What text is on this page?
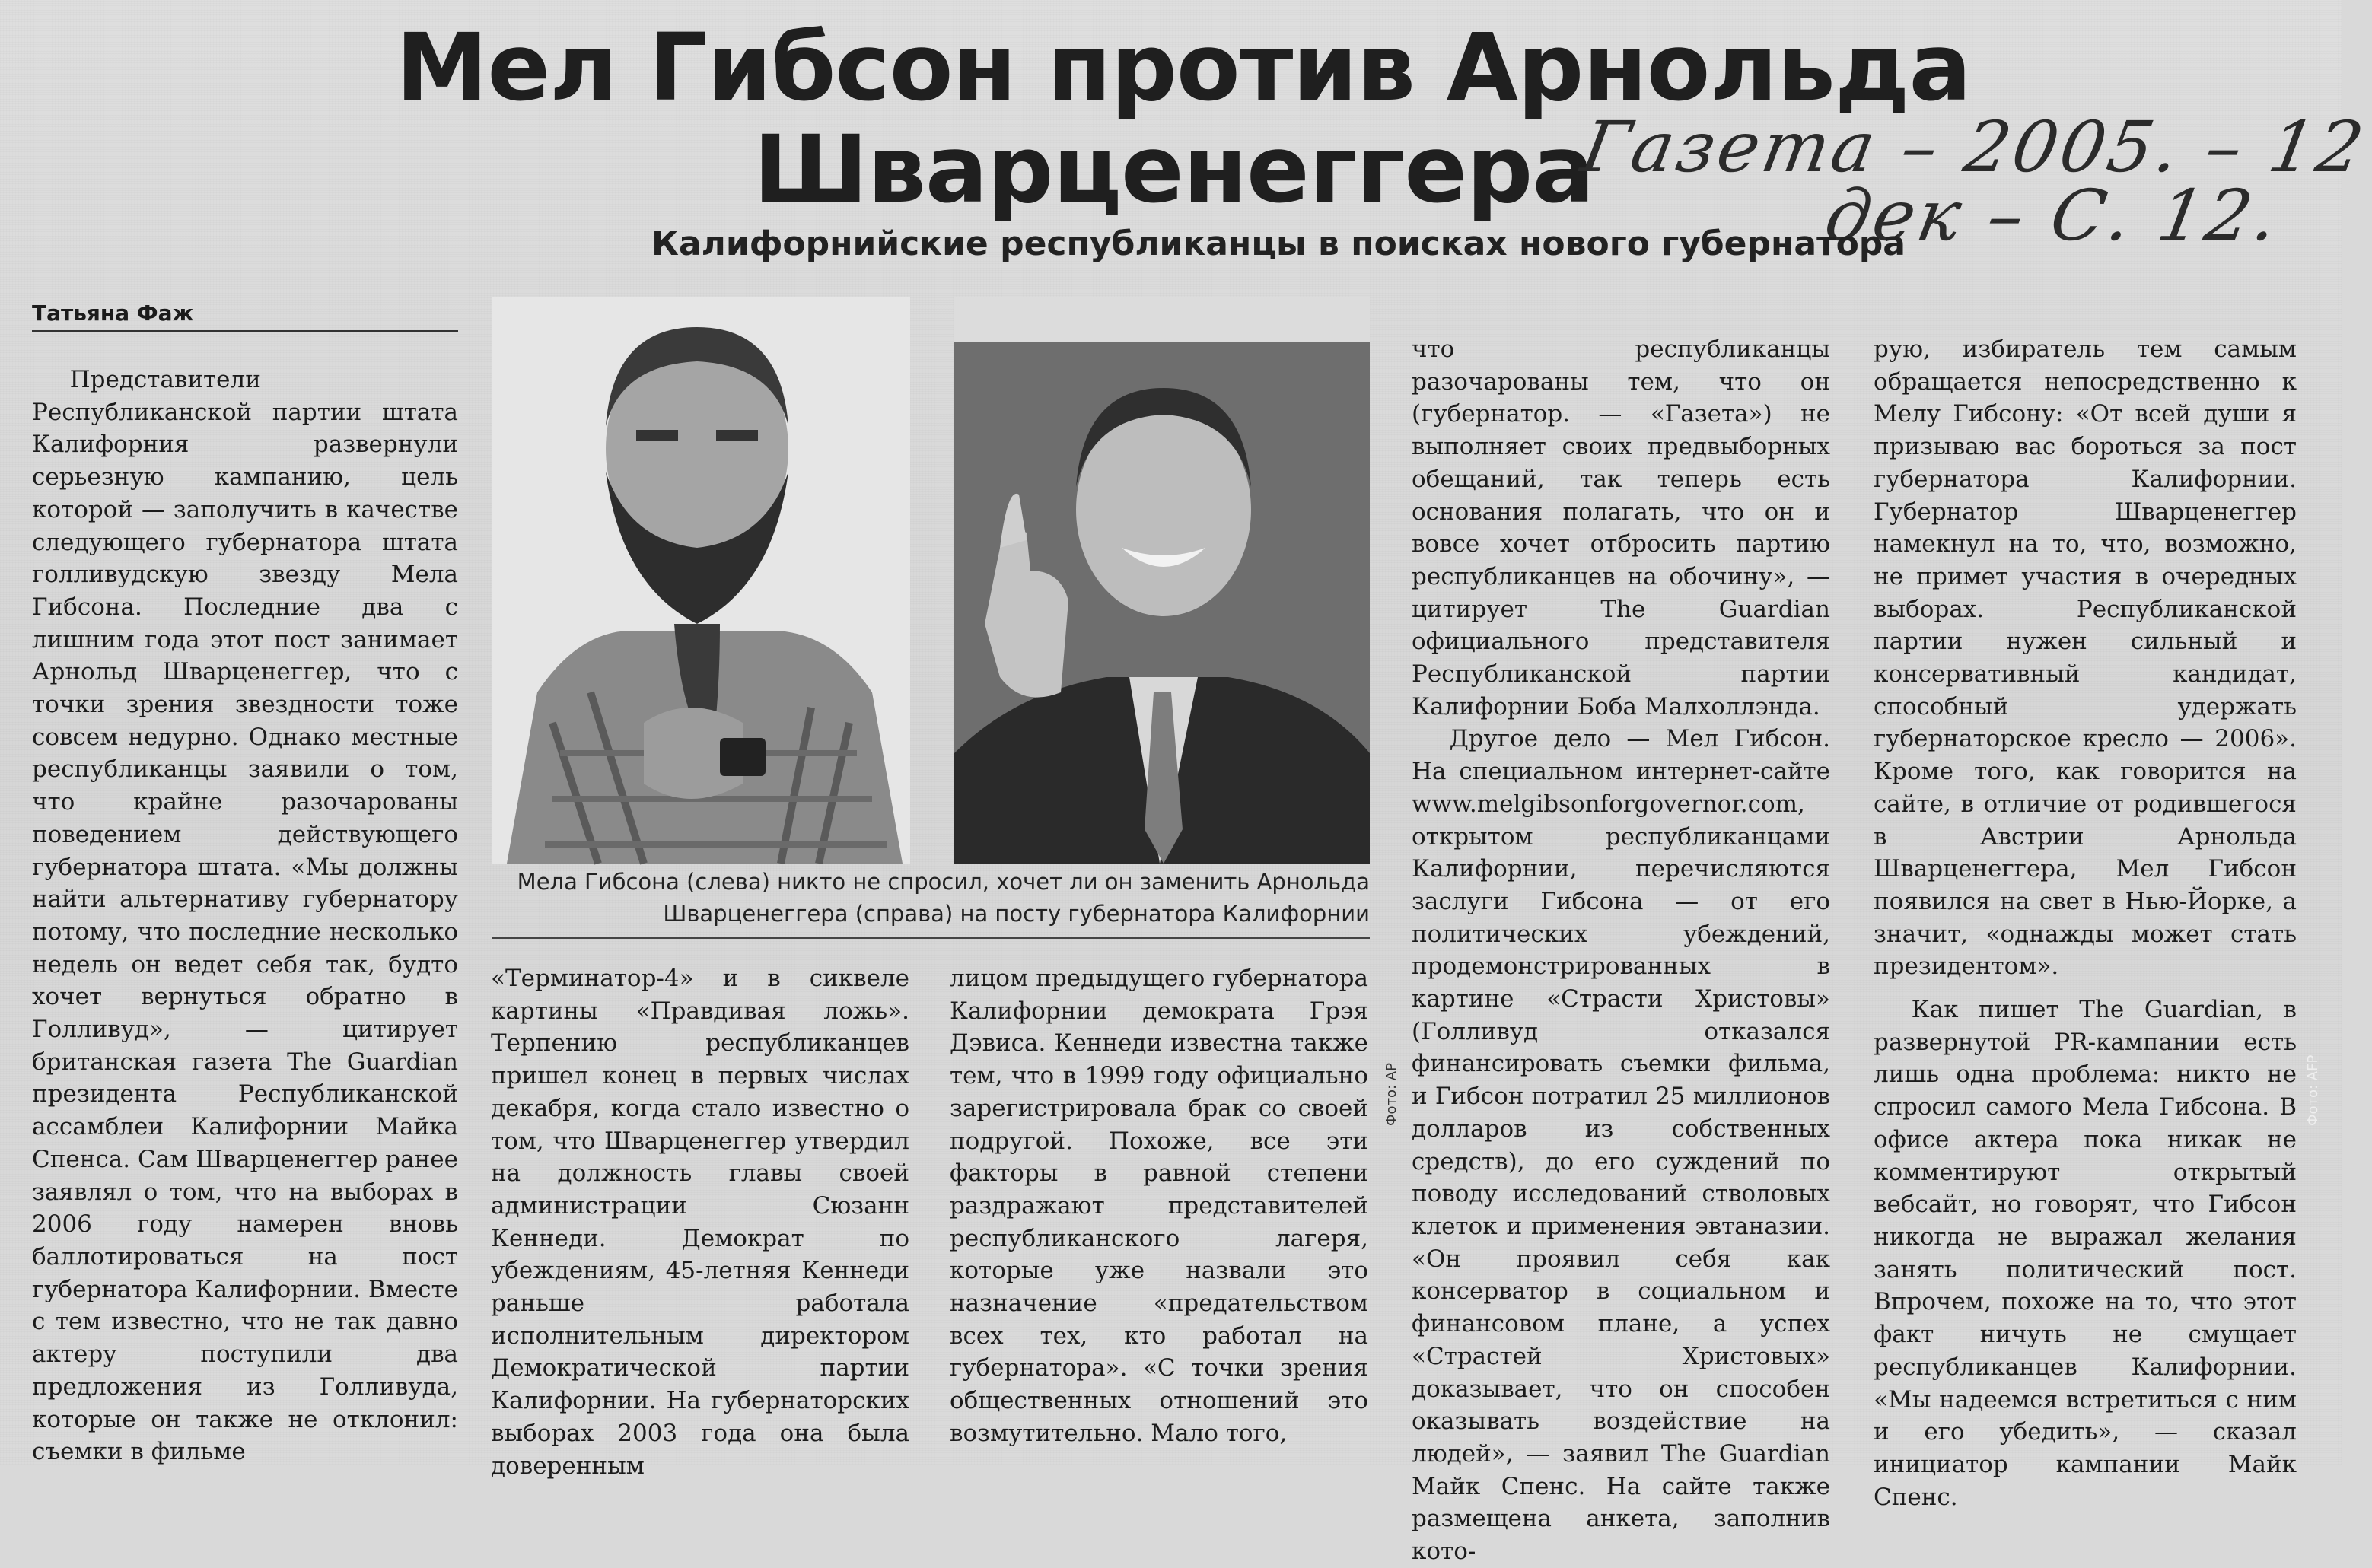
Мел Гибсон против Арнольда
Шварценеггера
Газета – 2005. – 12
дек – С. 12.
Калифорнийские республиканцы в поисках нового губернатора
Татьяна Фаж

Представители Республиканской партии штата Калифорния развернули серьезную кампанию, цель которой — заполучить в качестве следующего губернатора штата голливудскую звезду Мела Гибсона. Последние два с лишним года этот пост занимает Арнольд Шварценеггер, что с точки зрения звездности тоже совсем недурно. Однако местные республиканцы заявили о том, что крайне разочарованы поведением действующего губернатора штата. «Мы должны найти альтернативу губернатору потому, что последние несколько недель он ведет себя так, будто хочет вернуться обратно в Голливуд», — цитирует британская газета The Guardian президента Республиканской ассамблеи Калифорнии Майка Спенса. Сам Шварценеггер ранее заявлял о том, что на выборах в 2006 году намерен вновь баллотироваться на пост губернатора Калифорнии. Вместе с тем известно, что не так давно актеру поступили два предложения из Голливуда, которые он также не отклонил: съемки в фильме

Фото: AP	Фото: AFP
Мела Гибсона (слева) никто не спросил, хочет ли он заменить Арнольда
Шварценеггера (справа) на посту губернатора Калифорнии

«Терминатор-4» и в сиквеле картины «Правдивая ложь». Терпению республиканцев пришел конец в первых числах декабря, когда стало известно о том, что Шварценеггер утвердил на должность главы своей администрации Сюзанн Кеннеди. Демократ по убеждениям, 45-летняя Кеннеди раньше работала исполнительным директором Демократической партии Калифорнии. На губернаторских выборах 2003 года она была доверенным

лицом предыдущего губернатора Калифорнии демократа Грэя Дэвиса. Кеннеди известна также тем, что в 1999 году официально зарегистрировала брак со своей подругой. Похоже, все эти факторы в равной степени раздражают представителей республиканского лагеря, которые уже назвали это назначение «предательством всех тех, кто работал на губернатора». «С точки зрения общественных отношений это возмутительно. Мало того,

что республиканцы разочарованы тем, что он (губернатор. — «Газета») не выполняет своих предвыборных обещаний, так теперь есть основания полагать, что он и вовсе хочет отбросить партию республиканцев на обочину», — цитирует The Guardian официального представителя Республиканской партии Калифорнии Боба Малхоллэнда.

Другое дело — Мел Гибсон. На специальном интернет-сайте www.melgibsonforgovernor.com, открытом республиканцами Калифорнии, перечисляются заслуги Гибсона — от его политических убеждений, продемонстрированных в картине «Страсти Христовы» (Голливуд отказался финансировать съемки фильма, и Гибсон потратил 25 миллионов долларов из собственных средств), до его суждений по поводу исследований стволовых клеток и применения эвтаназии. «Он проявил себя как консерватор в социальном и финансовом плане, а успех «Страстей Христовых» доказывает, что он способен оказывать воздействие на людей», — заявил The Guardian Майк Спенс. На сайте также размещена анкета, заполнив кото-

рую, избиратель тем самым обращается непосредственно к Мелу Гибсону: «От всей души я призываю вас бороться за пост губернатора Калифорнии. Губернатор Шварценеггер намекнул на то, что, возможно, не примет участия в очередных выборах. Республиканской партии нужен сильный и консервативный кандидат, способный удержать губернаторское кресло — 2006». Кроме того, как говорится на сайте, в отличие от родившегося в Австрии Арнольда Шварценеггера, Мел Гибсон появился на свет в Нью-Йорке, а значит, «однажды может стать президентом».

Как пишет The Guardian, в развернутой PR-кампании есть лишь одна проблема: никто не спросил самого Мела Гибсона. В офисе актера пока никак не комментируют открытый вебсайт, но говорят, что Гибсон никогда не выражал желания занять политический пост. Впрочем, похоже на то, что этот факт ничуть не смущает республиканцев Калифорнии. «Мы надеемся встретиться с ним и его убедить», — сказал инициатор кампании Майк Спенс.
